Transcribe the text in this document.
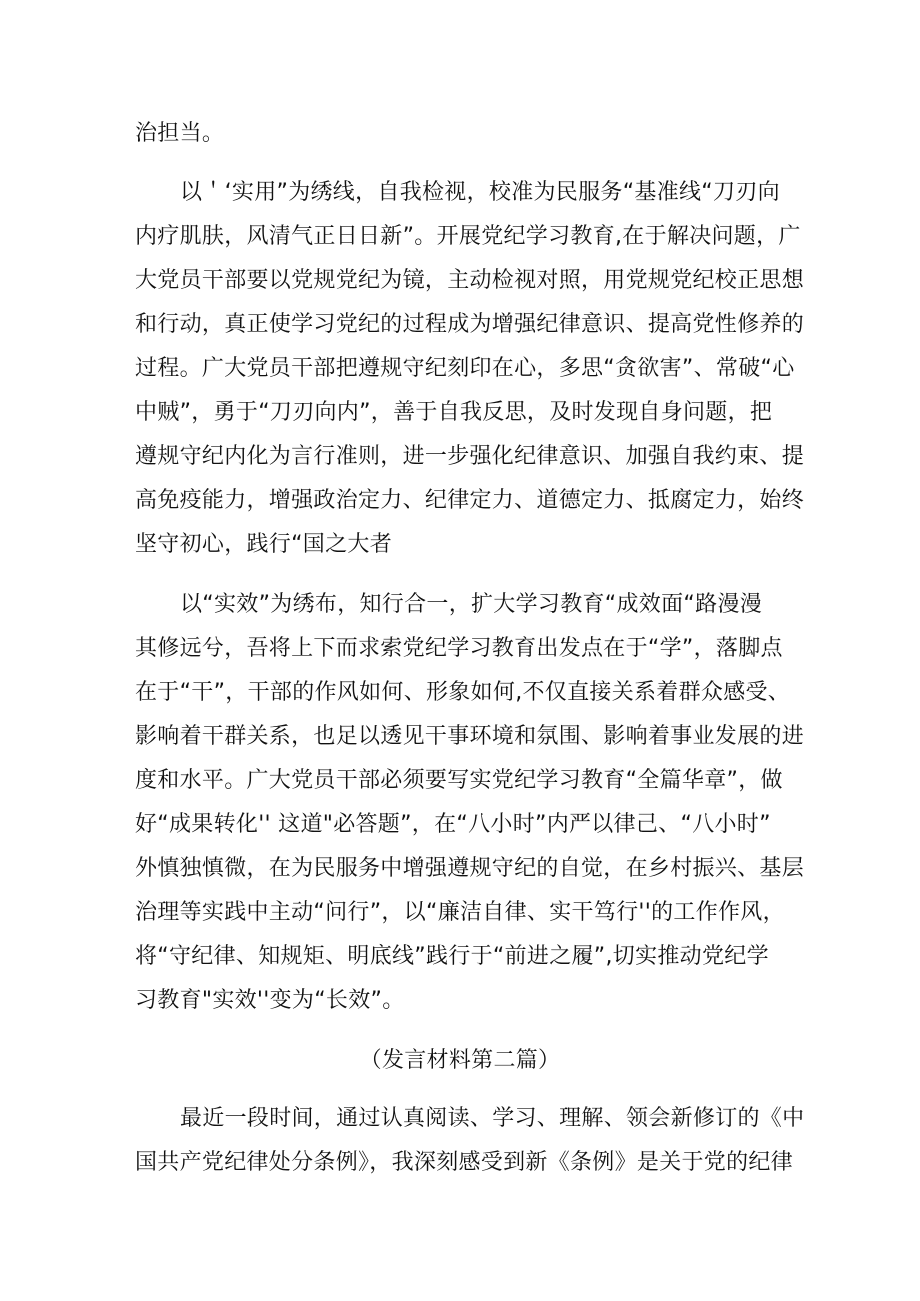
治担当。
以＇‘实用”为绣线，自我检视，校准为民服务“基准线“刀刃向
内疗肌肤，风清气正日日新”。开展党纪学习教育,在于解决问题，广
大党员干部要以党规党纪为镜，主动检视对照，用党规党纪校正思想
和行动，真正使学习党纪的过程成为增强纪律意识、提高党性修养的
过程。广大党员干部把遵规守纪刻印在心，多思“贪欲害”、常破“心
中贼”，勇于“刀刃向内”，善于自我反思，及时发现自身问题，把
遵规守纪内化为言行准则，进一步强化纪律意识、加强自我约束、提
高免疫能力，增强政治定力、纪律定力、道德定力、抵腐定力，始终
坚守初心，践行“国之大者
以“实效”为绣布，知行合一，扩大学习教育“成效面“路漫漫
其修远兮，吾将上下而求索党纪学习教育出发点在于“学”，落脚点
在于“干”，干部的作风如何、形象如何,不仅直接关系着群众感受、
影响着干群关系，也足以透见干事环境和氛围、影响着事业发展的进
度和水平。广大党员干部必须要写实党纪学习教育“全篇华章”，做
好“成果转化'' 这道"必答题”，在“八小时”内严以律己、“八小时”
外慎独慎微，在为民服务中增强遵规守纪的自觉，在乡村振兴、基层
治理等实践中主动“问行”，以“廉洁自律、实干笃行''的工作作风，
将“守纪律、知规矩、明底线”践行于“前进之履”,切实推动党纪学
习教育"实效''变为“长效”。
（发言材料第二篇）
最近一段时间，通过认真阅读、学习、理解、领会新修订的《中
国共产党纪律处分条例》，我深刻感受到新《条例》是关于党的纪律
